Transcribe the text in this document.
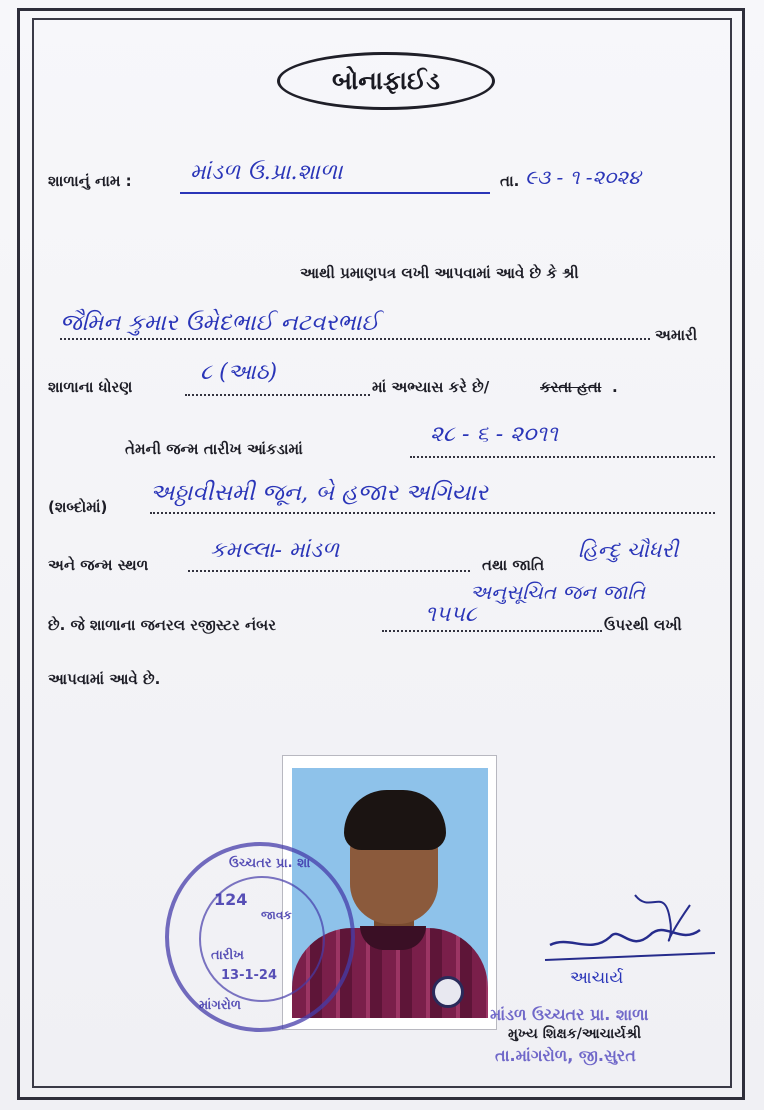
બોનાફાઈડ
શાળાનું નામ :	માંડળ ઉ.પ્રા.શાળા	તા. ૯૩ - ૧ -૨૦૨૪
આથી પ્રમાણપત્ર લખી આપવામાં આવે છે કે શ્રી
જૈમિન કુમાર ઉમેદભાઈ નટવરભાઈ	અમારી
શાળાના ધોરણ
૮ (આઠ)
માં અભ્યાસ કરે છે/	કરતા હતા .
તેમની જન્મ તારીખ આંકડામાં
૨૮ - ૬ - ૨૦૧૧
(શબ્દોમાં)
અઠ્ઠાવીસમી જૂન, બે હજાર અગિયાર
અને જન્મ સ્થળ
કમલ્લા- માંડળ
તથા જાતિ
હિન્દુ ચૌધરી
અનુસૂચિત જન જાતિ
છે. જે શાળાના જનરલ રજીસ્ટર નંબર	૧૫૫૮	ઉપરથી લખી
આપવામાં આવે છે.
ઉચ્ચતર પ્રા. શા
124
જાવક
તારીખ
13-1-24
માંગરોળ
આચાર્ય
માંડળ ઉચ્ચતર પ્રા. શાળા
મુખ્ય શિક્ષક/આચાર્યશ્રી
તા.માંગરોળ, જી.સુરત
